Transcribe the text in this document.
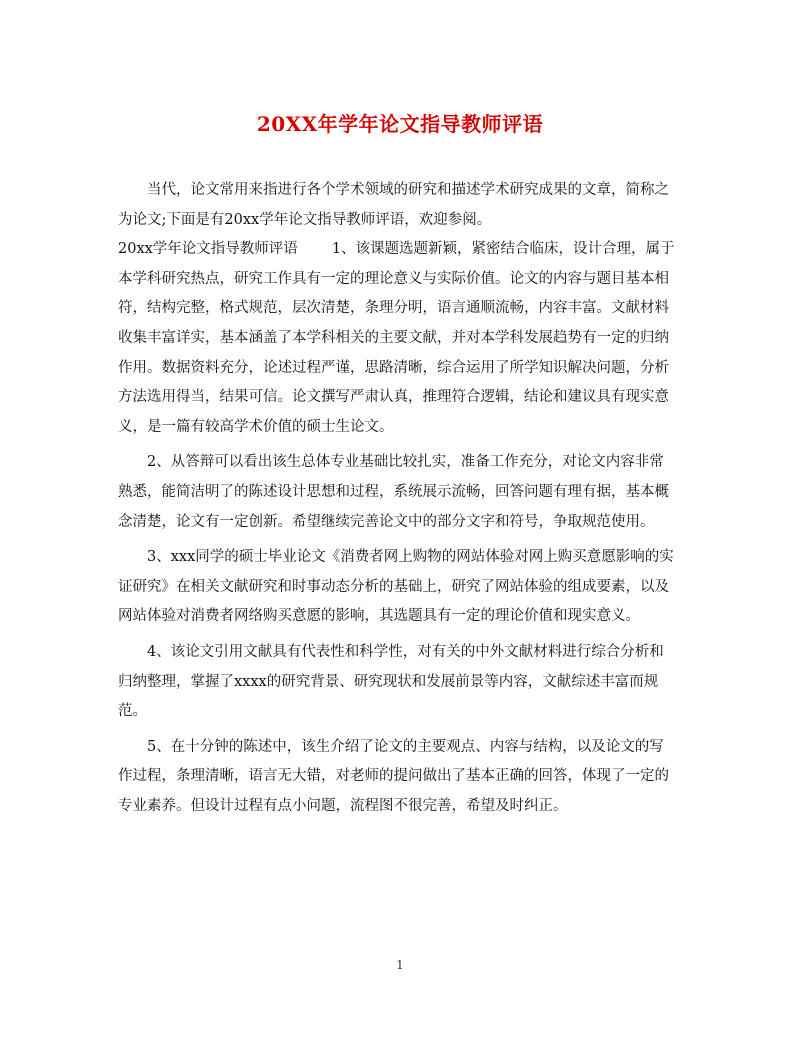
20XX年学年论文指导教师评语

当代，论文常用来指进行各个学术领域的研究和描述学术研究成果的文章，简称之为论文;下面是有20xx学年论文指导教师评语，欢迎参阅。

20xx学年论文指导教师评语 1、该课题选题新颖，紧密结合临床，设计合理，属于本学科研究热点，研究工作具有一定的理论意义与实际价值。论文的内容与题目基本相符，结构完整，格式规范，层次清楚，条理分明，语言通顺流畅，内容丰富。文献材料收集丰富详实，基本涵盖了本学科相关的主要文献，并对本学科发展趋势有一定的归纳作用。数据资料充分，论述过程严谨，思路清晰，综合运用了所学知识解决问题，分析方法选用得当，结果可信。论文撰写严肃认真，推理符合逻辑，结论和建议具有现实意义，是一篇有较高学术价值的硕士生论文。

2、从答辩可以看出该生总体专业基础比较扎实，准备工作充分，对论文内容非常熟悉，能简洁明了的陈述设计思想和过程，系统展示流畅，回答问题有理有据，基本概念清楚，论文有一定创新。希望继续完善论文中的部分文字和符号，争取规范使用。

3、xxx同学的硕士毕业论文《消费者网上购物的网站体验对网上购买意愿影响的实证研究》在相关文献研究和时事动态分析的基础上，研究了网站体验的组成要素，以及网站体验对消费者网络购买意愿的影响，其选题具有一定的理论价值和现实意义。

4、该论文引用文献具有代表性和科学性，对有关的中外文献材料进行综合分析和归纳整理，掌握了xxxx的研究背景、研究现状和发展前景等内容，文献综述丰富而规范。

5、在十分钟的陈述中，该生介绍了论文的主要观点、内容与结构，以及论文的写作过程，条理清晰，语言无大错，对老师的提问做出了基本正确的回答，体现了一定的专业素养。但设计过程有点小问题，流程图不很完善，希望及时纠正。

1
